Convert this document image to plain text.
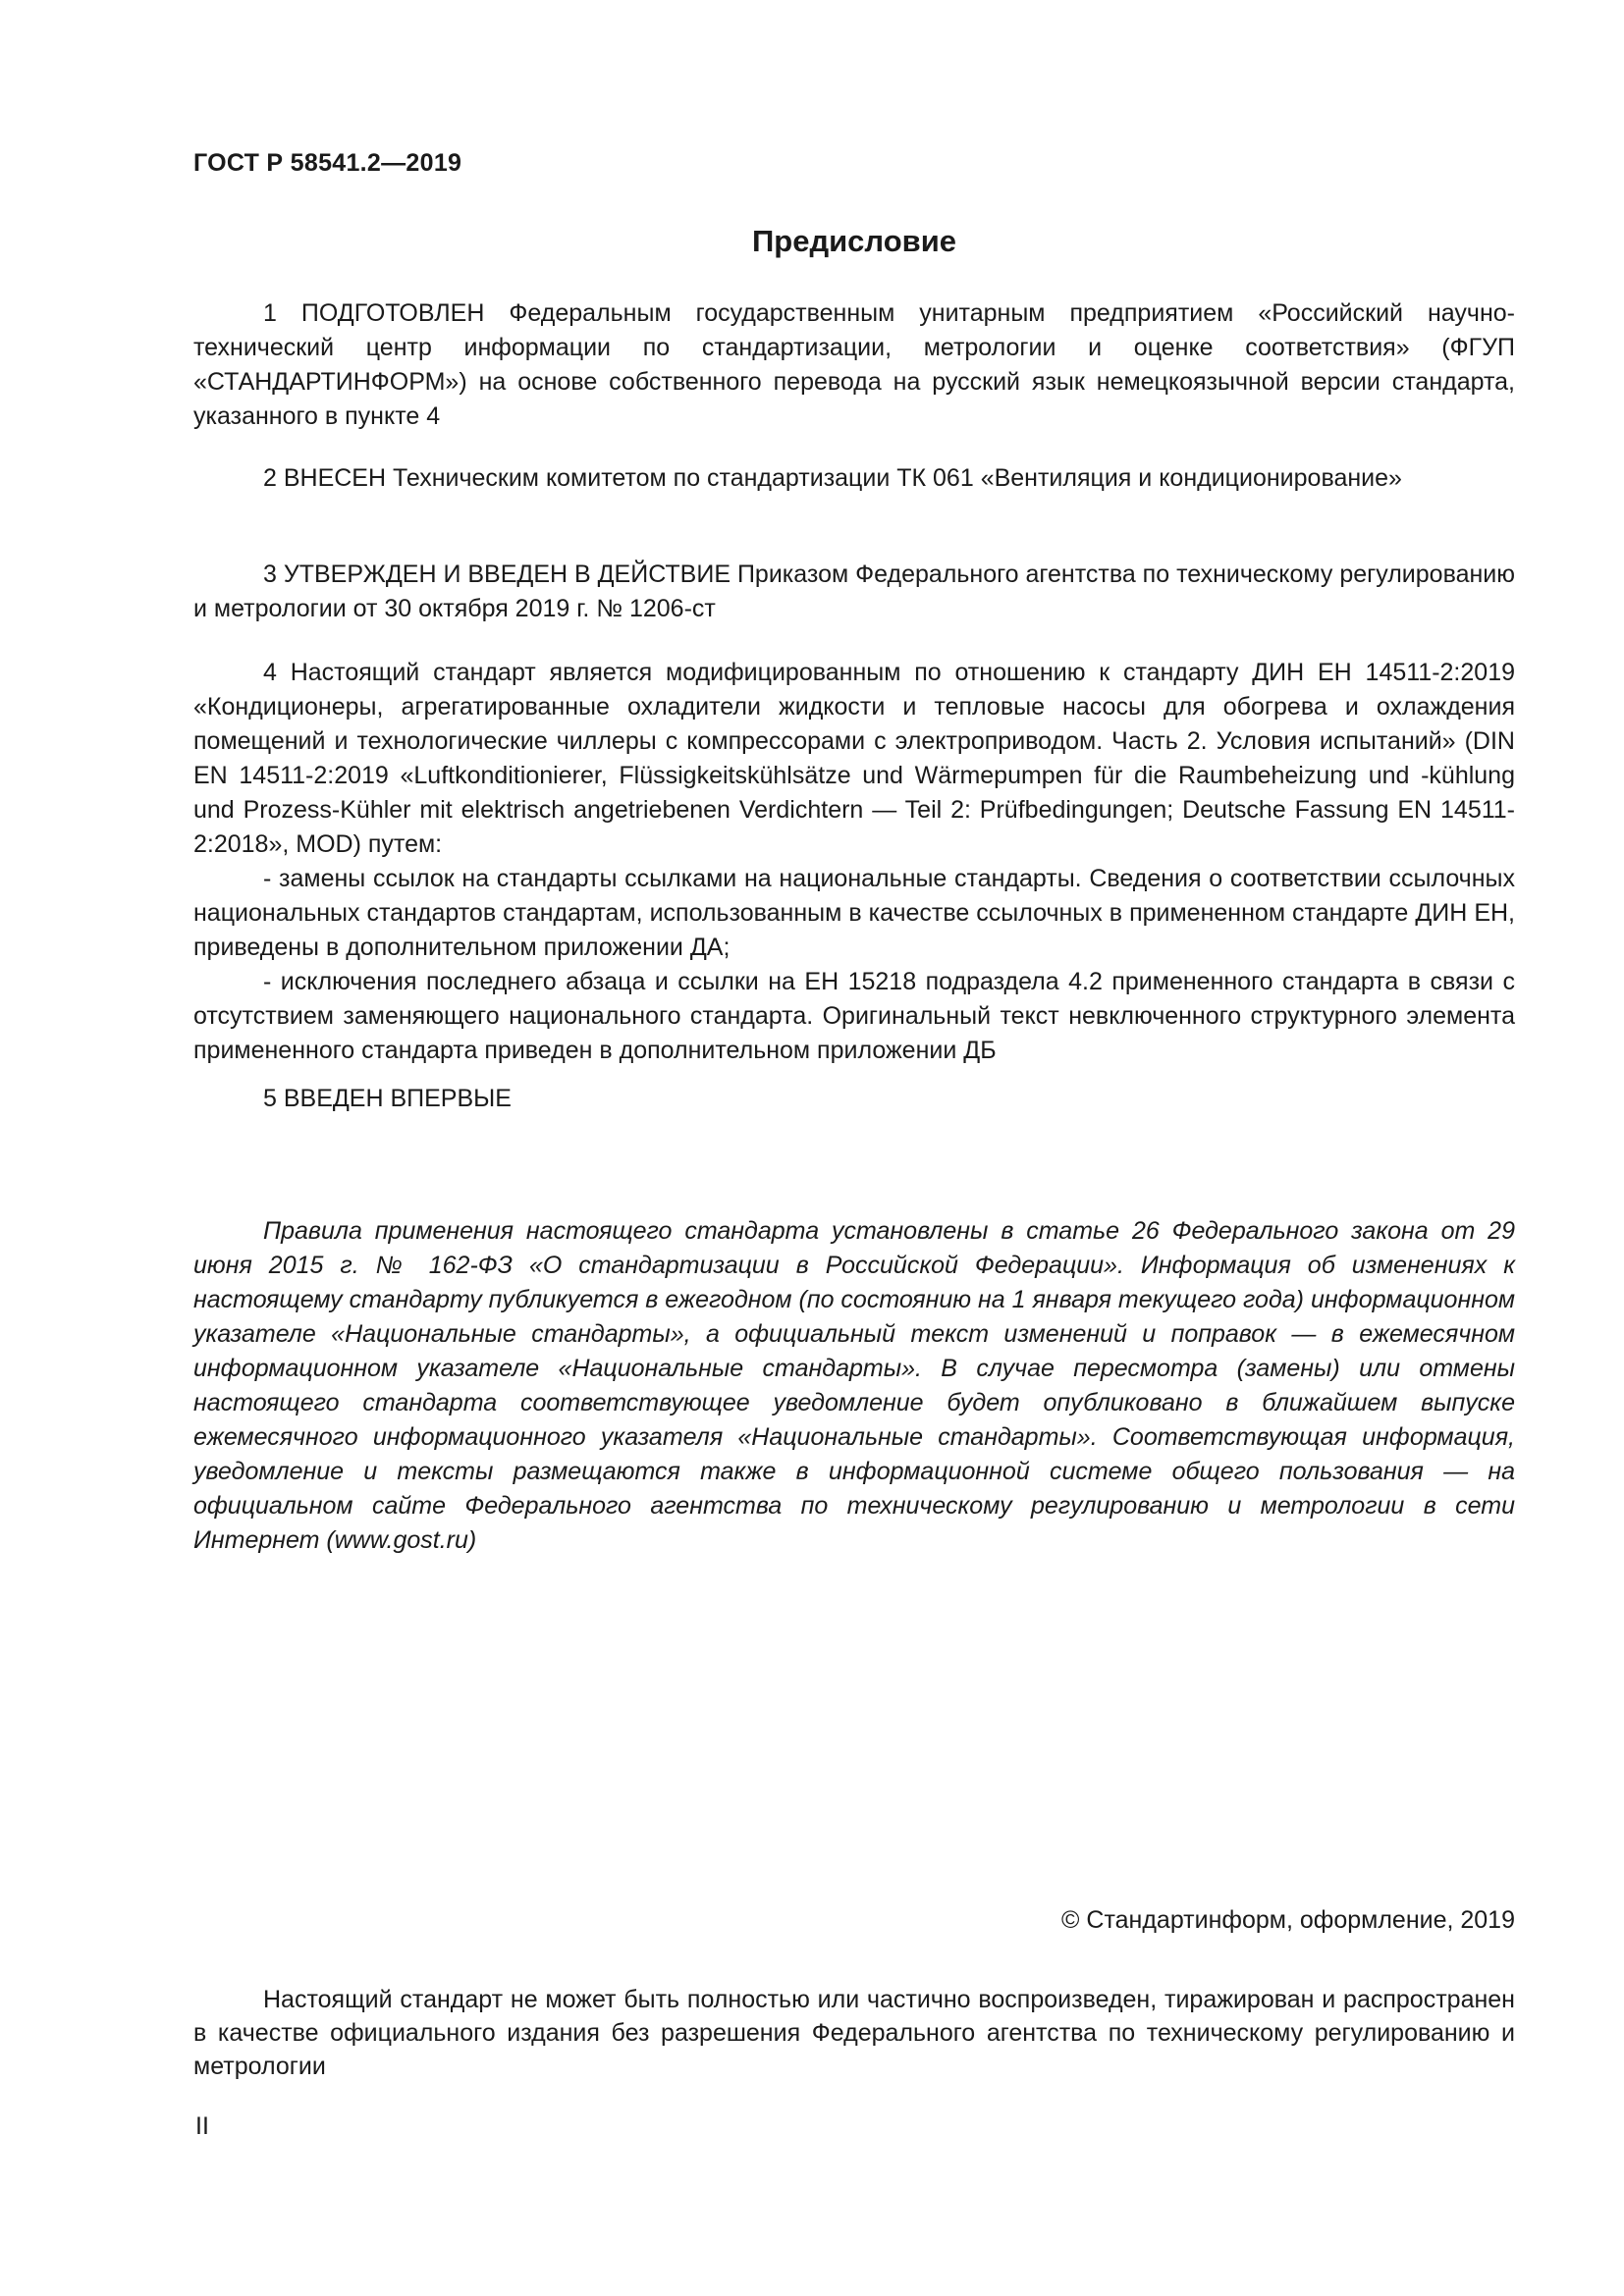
ГОСТ Р 58541.2—2019
Предисловие

1 ПОДГОТОВЛЕН Федеральным государственным унитарным предприятием «Российский научно-технический центр информации по стандартизации, метрологии и оценке соответствия» (ФГУП «СТАНДАРТИНФОРМ») на основе собственного перевода на русский язык немецкоязычной версии стандарта, указанного в пункте 4

2 ВНЕСЕН Техническим комитетом по стандартизации ТК 061 «Вентиляция и кондиционирование»

3 УТВЕРЖДЕН И ВВЕДЕН В ДЕЙСТВИЕ Приказом Федерального агентства по техническому регулированию и метрологии от 30 октября 2019 г. № 1206-ст

4 Настоящий стандарт является модифицированным по отношению к стандарту ДИН ЕН 14511-2:2019 «Кондиционеры, агрегатированные охладители жидкости и тепловые насосы для обогрева и охлаждения помещений и технологические чиллеры с компрессорами с электроприводом. Часть 2. Условия испытаний» (DIN EN 14511-2:2019 «Luftkonditionierer, Flüssigkeitskühlsätze und Wärmepumpen für die Raumbeheizung und -kühlung und Prozess-Kühler mit elektrisch angetriebenen Verdichtern — Teil 2: Prüfbedingungen; Deutsche Fassung EN 14511-2:2018», MOD) путем:

- замены ссылок на стандарты ссылками на национальные стандарты. Сведения о соответствии ссылочных национальных стандартов стандартам, использованным в качестве ссылочных в примененном стандарте ДИН ЕН, приведены в дополнительном приложении ДА;

- исключения последнего абзаца и ссылки на ЕН 15218 подраздела 4.2 примененного стандарта в связи с отсутствием заменяющего национального стандарта. Оригинальный текст невключенного структурного элемента примененного стандарта приведен в дополнительном приложении ДБ

5 ВВЕДЕН ВПЕРВЫЕ

Правила применения настоящего стандарта установлены в статье 26 Федерального закона от 29 июня 2015 г. № 162-ФЗ «О стандартизации в Российской Федерации». Информация об изменениях к настоящему стандарту публикуется в ежегодном (по состоянию на 1 января текущего года) информационном указателе «Национальные стандарты», а официальный текст изменений и поправок — в ежемесячном информационном указателе «Национальные стандарты». В случае пересмотра (замены) или отмены настоящего стандарта соответствующее уведомление будет опубликовано в ближайшем выпуске ежемесячного информационного указателя «Национальные стандарты». Соответствующая информация, уведомление и тексты размещаются также в информационной системе общего пользования — на официальном сайте Федерального агентства по техническому регулированию и метрологии в сети Интернет (www.gost.ru)

© Стандартинформ, оформление, 2019

Настоящий стандарт не может быть полностью или частично воспроизведен, тиражирован и распространен в качестве официального издания без разрешения Федерального агентства по техническому регулированию и метрологии

II
